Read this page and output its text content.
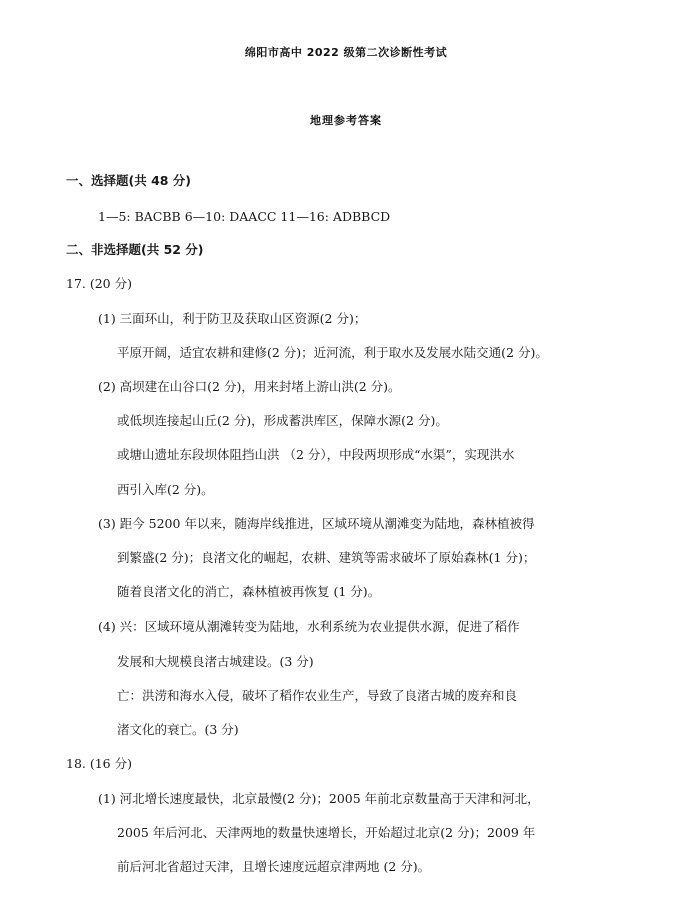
绵阳市高中 2022 级第二次诊断性考试
地理参考答案
一、选择题(共 48 分)
1—5: BACBB 6—10: DAACC 11—16: ADBBCD
二、非选择题(共 52 分)
17. (20 分)
(1) 三面环山，利于防卫及获取山区资源(2 分)；
平原开阔，适宜农耕和建修(2 分)；近河流，利于取水及发展水陆交通(2 分)。
(2) 高坝建在山谷口(2 分)，用来封堵上游山洪(2 分)。
或低坝连接起山丘(2 分)，形成蓄洪库区，保障水源(2 分)。
或塘山遗址东段坝体阻挡山洪 （2 分），中段两坝形成“水渠”，实现洪水
西引入库(2 分)。
(3) 距今 5200 年以来，随海岸线推进，区域环境从潮滩变为陆地，森林植被得
到繁盛(2 分)；良渚文化的崛起，农耕、建筑等需求破坏了原始森林(1 分)；
随着良渚文化的消亡，森林植被再恢复 (1 分)。
(4) 兴：区域环境从潮滩转变为陆地，水利系统为农业提供水源，促进了稻作
发展和大规模良渚古城建设。(3 分)
亡：洪涝和海水入侵，破坏了稻作农业生产，导致了良渚古城的废弃和良
渚文化的衰亡。(3 分)
18. (16 分)
(1) 河北增长速度最快，北京最慢(2 分)；2005 年前北京数量高于天津和河北，
2005 年后河北、天津两地的数量快速增长，开始超过北京(2 分)；2009 年
前后河北省超过天津，且增长速度远超京津两地 (2 分)。
